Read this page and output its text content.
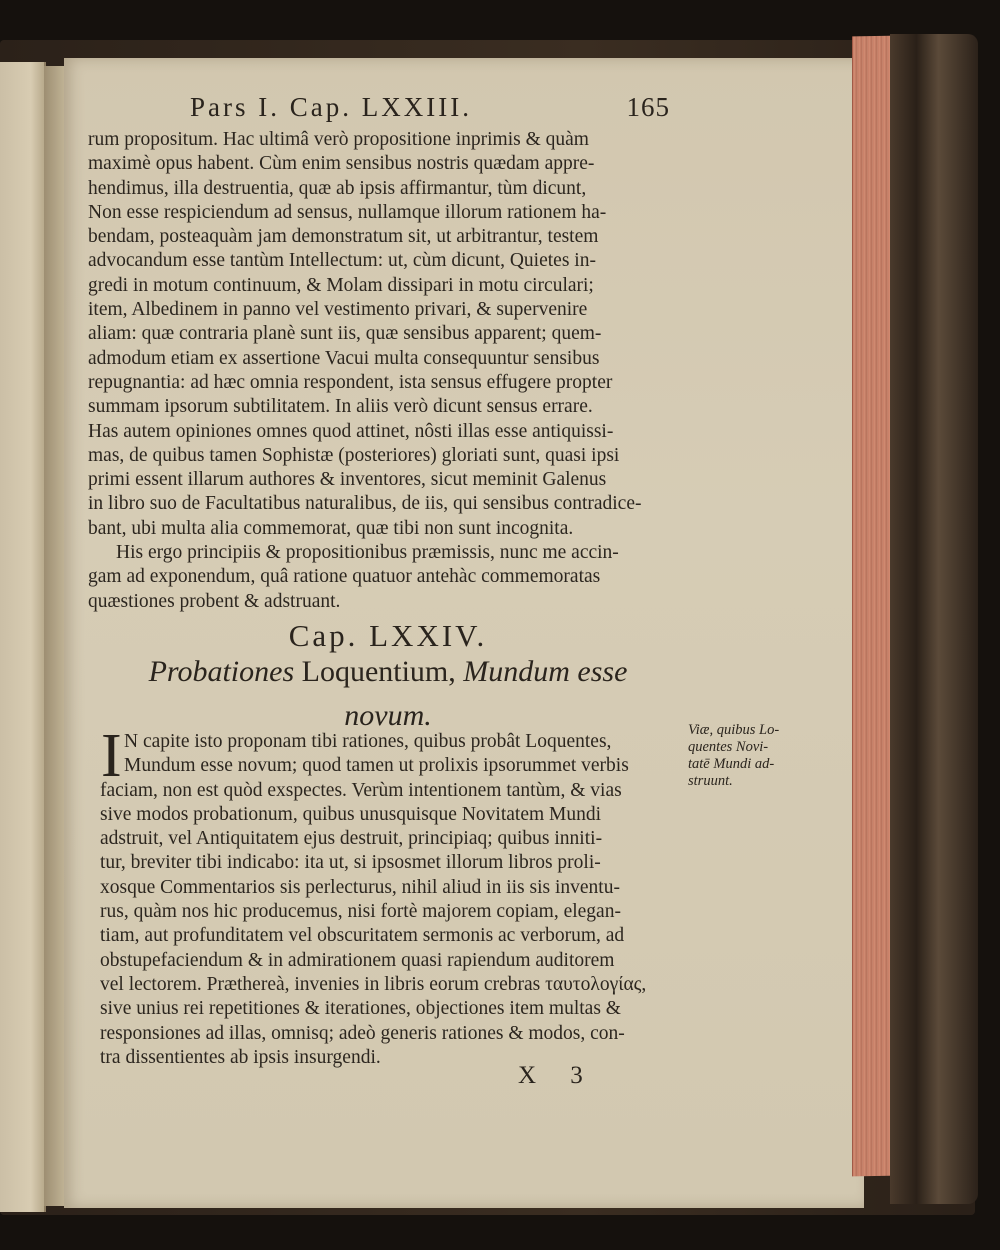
Pars I. Cap. LXXIII.	165
rum propositum. Hac ultimâ verò propositione inprimis & quàm
maximè opus habent. Cùm enim sensibus nostris quædam appre-
hendimus, illa destruentia, quæ ab ipsis affirmantur, tùm dicunt,
Non esse respiciendum ad sensus, nullamque illorum rationem ha-
bendam, posteaquàm jam demonstratum sit, ut arbitrantur, testem
advocandum esse tantùm Intellectum: ut, cùm dicunt, Quietes in-
gredi in motum continuum, & Molam dissipari in motu circulari;
item, Albedinem in panno vel vestimento privari, & supervenire
aliam: quæ contraria planè sunt iis, quæ sensibus apparent; quem-
admodum etiam ex assertione Vacui multa consequuntur sensibus
repugnantia: ad hæc omnia respondent, ista sensus effugere propter
summam ipsorum subtilitatem. In aliis verò dicunt sensus errare.
Has autem opiniones omnes quod attinet, nôsti illas esse antiquissi-
mas, de quibus tamen Sophistæ (posteriores) gloriati sunt, quasi ipsi
primi essent illarum authores & inventores, sicut meminit Galenus
in libro suo de Facultatibus naturalibus, de iis, qui sensibus contradice-
bant, ubi multa alia commemorat, quæ tibi non sunt incognita.
His ergo principiis & propositionibus præmissis, nunc me accin-
gam ad exponendum, quâ ratione quatuor antehàc commemoratas
quæstiones probent & adstruant.
Cap. LXXIV.
Probationes Loquentium, Mundum esse
novum.
I N capite isto proponam tibi rationes, quibus probât Loquentes,
Mundum esse novum; quod tamen ut prolixis ipsorummet verbis
faciam, non est quòd exspectes. Verùm intentionem tantùm, & vias
sive modos probationum, quibus unusquisque Novitatem Mundi
adstruit, vel Antiquitatem ejus destruit, principiaq; quibus inniti-
tur, breviter tibi indicabo: ita ut, si ipsosmet illorum libros proli-
xosque Commentarios sis perlecturus, nihil aliud in iis sis inventu-
rus, quàm nos hic producemus, nisi fortè majorem copiam, elegan-
tiam, aut profunditatem vel obscuritatem sermonis ac verborum, ad
obstupefaciendum & in admirationem quasi rapiendum auditorem
vel lectorem. Præthereà, invenies in libris eorum crebras ταυτολογίας,
sive unius rei repetitiones & iterationes, objectiones item multas &
responsiones ad illas, omnisq; adeò generis rationes & modos, con-
tra dissentientes ab ipsis insurgendi.
Viæ, quibus Lo-
quentes Novi-
tatē Mundi ad-
struunt.
X 3
